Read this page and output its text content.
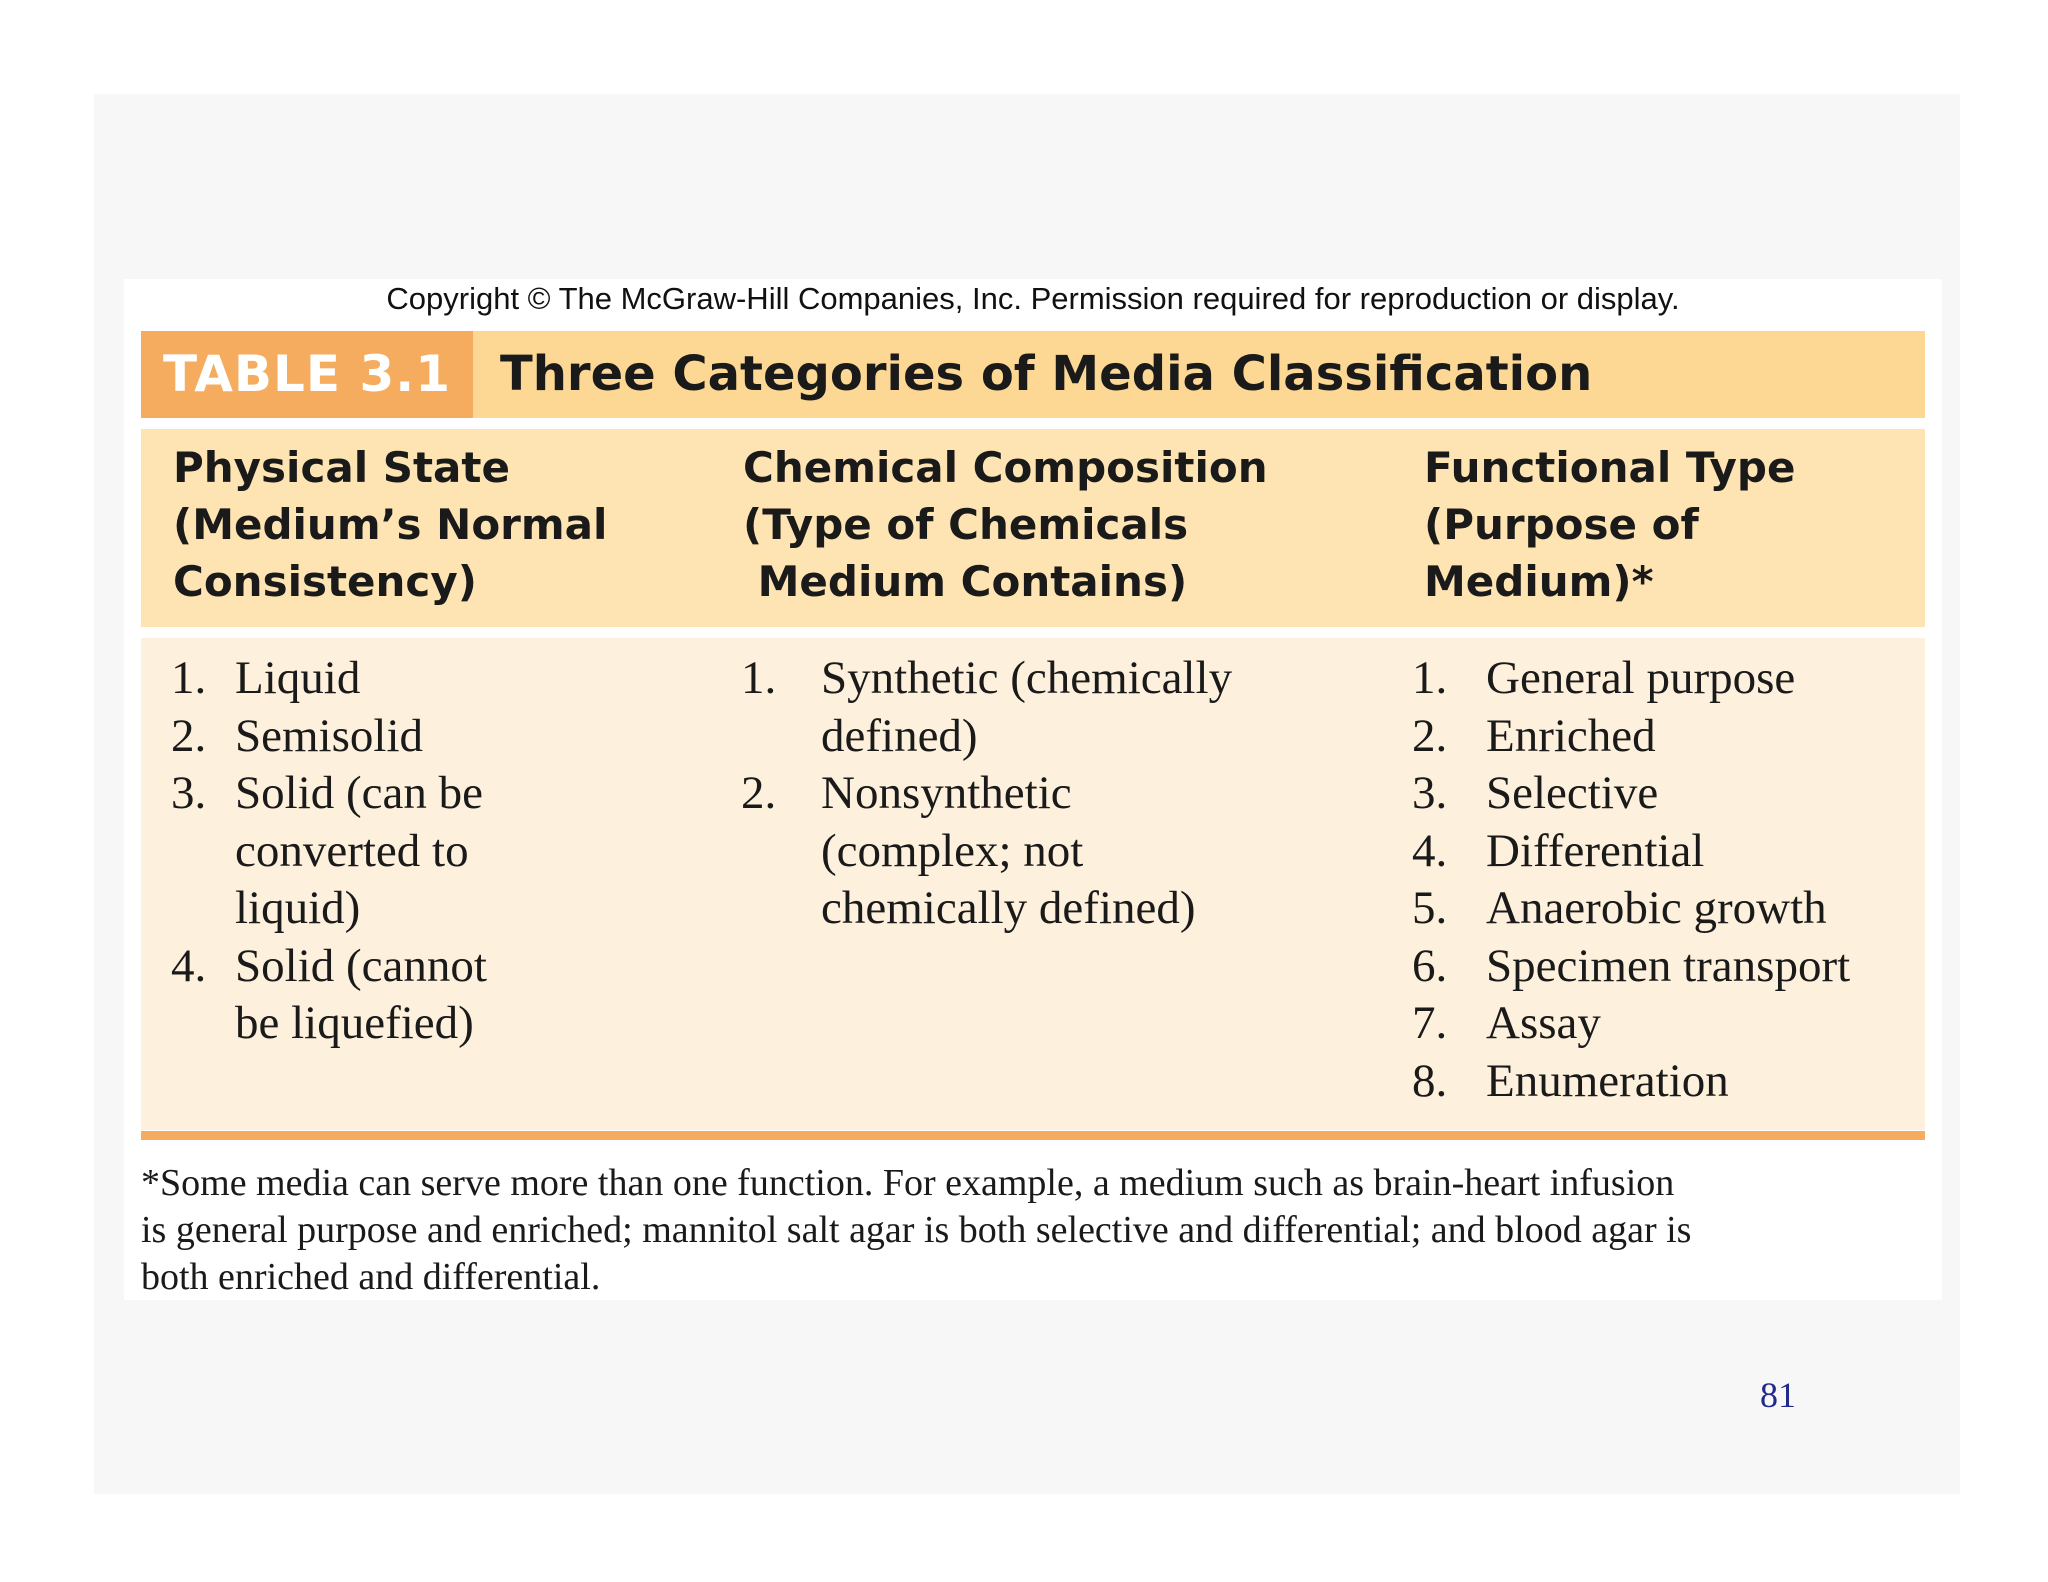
Copyright © The McGraw-Hill Companies, Inc. Permission required for reproduction or display.
TABLE 3.1	Three Categories of Media Classification

Physical State
(Medium’s Normal
Consistency)

Chemical Composition
(Type of Chemicals
Medium Contains)

Functional Type
(Purpose of
Medium)*

1. Liquid
2. Semisolid
3. Solid (can be
converted to
liquid)
4. Solid (cannot
be liquefied)
1. Synthetic (chemically
defined)
2. Nonsynthetic
(complex; not
chemically defined)
1. General purpose
2. Enriched
3. Selective
4. Differential
5. Anaerobic growth
6. Specimen transport
7. Assay
8. Enumeration

*Some media can serve more than one function. For example, a medium such as brain-heart infusion
is general purpose and enriched; mannitol salt agar is both selective and differential; and blood agar is
both enriched and differential.

81
